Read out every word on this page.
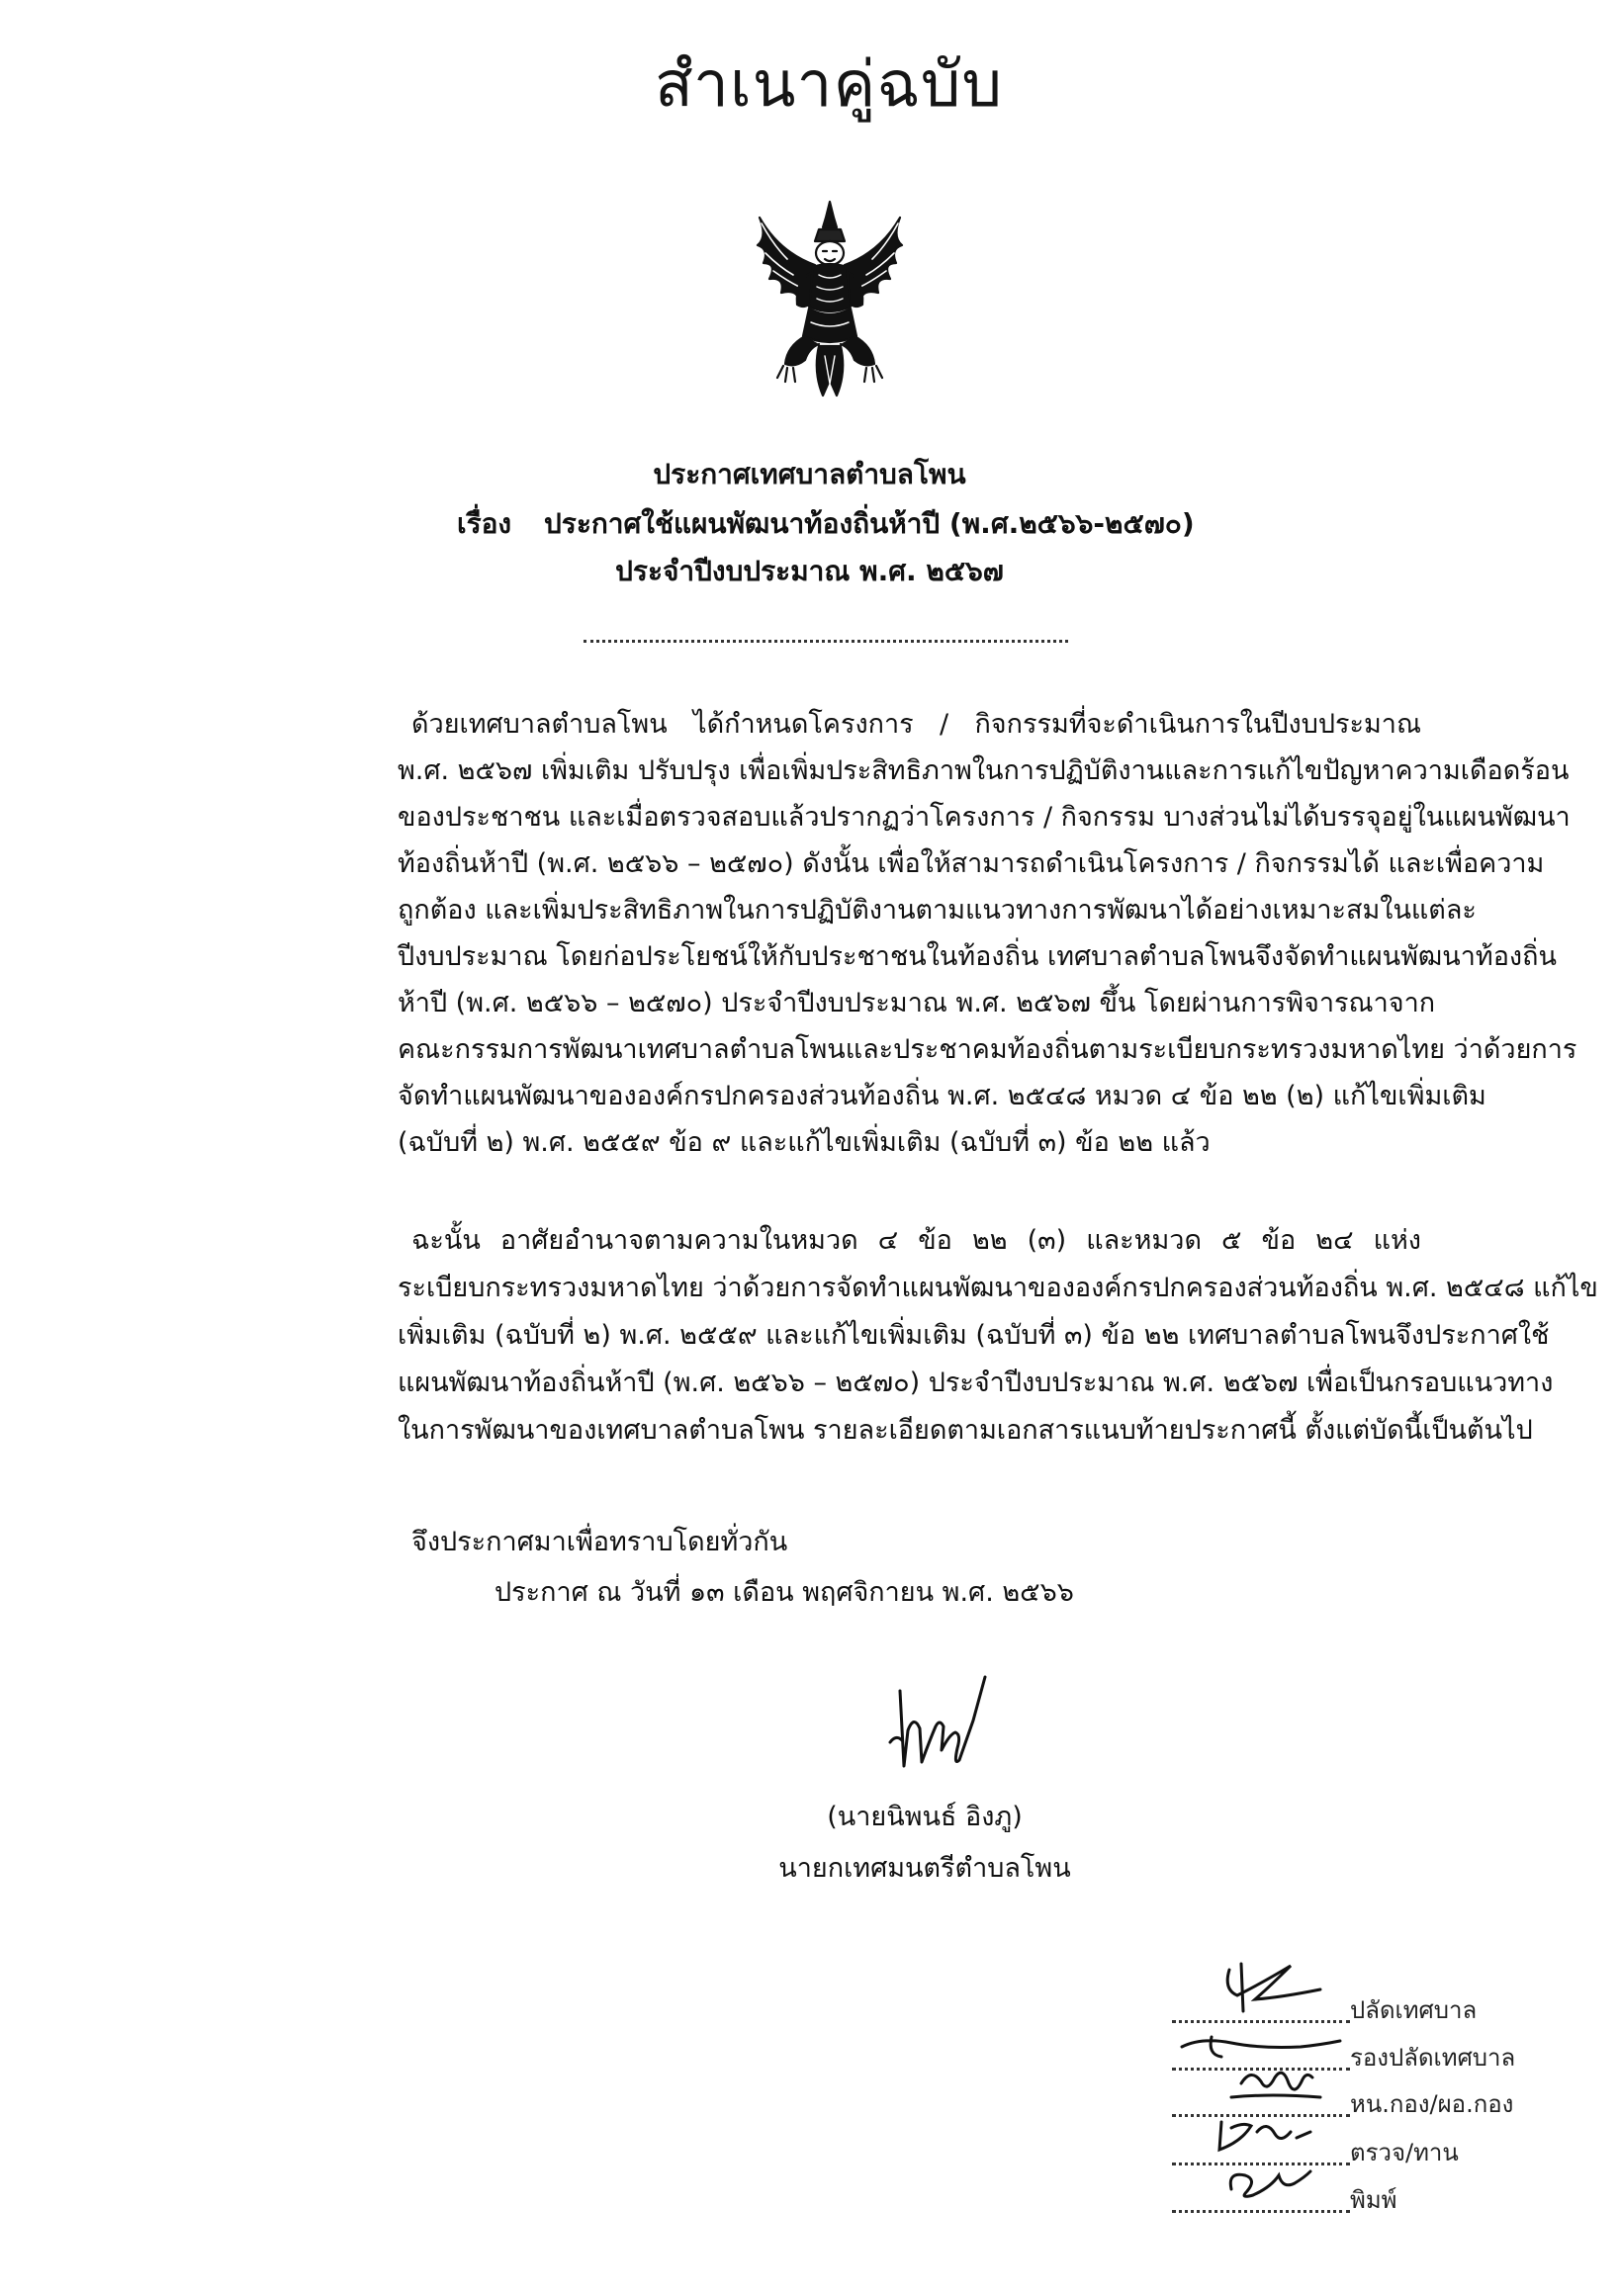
สำเนาคู่ฉบับ
ประกาศเทศบาลตำบลโพน
เรื่อง ประกาศใช้แผนพัฒนาท้องถิ่นห้าปี (พ.ศ.๒๕๖๖-๒๕๗๐)
ประจำปีงบประมาณ พ.ศ. ๒๕๖๗
ด้วยเทศบาลตำบลโพน ได้กำหนดโครงการ / กิจกรรมที่จะดำเนินการในปีงบประมาณ
พ.ศ. ๒๕๖๗ เพิ่มเติม ปรับปรุง เพื่อเพิ่มประสิทธิภาพในการปฏิบัติงานและการแก้ไขปัญหาความเดือดร้อน
ของประชาชน และเมื่อตรวจสอบแล้วปรากฏว่าโครงการ / กิจกรรม บางส่วนไม่ได้บรรจุอยู่ในแผนพัฒนา
ท้องถิ่นห้าปี (พ.ศ. ๒๕๖๖ – ๒๕๗๐) ดังนั้น เพื่อให้สามารถดำเนินโครงการ / กิจกรรมได้ และเพื่อความ
ถูกต้อง และเพิ่มประสิทธิภาพในการปฏิบัติงานตามแนวทางการพัฒนาได้อย่างเหมาะสมในแต่ละ
ปีงบประมาณ โดยก่อประโยชน์ให้กับประชาชนในท้องถิ่น เทศบาลตำบลโพนจึงจัดทำแผนพัฒนาท้องถิ่น
ห้าปี (พ.ศ. ๒๕๖๖ – ๒๕๗๐) ประจำปีงบประมาณ พ.ศ. ๒๕๖๗ ขึ้น โดยผ่านการพิจารณาจาก
คณะกรรมการพัฒนาเทศบาลตำบลโพนและประชาคมท้องถิ่นตามระเบียบกระทรวงมหาดไทย ว่าด้วยการ
จัดทำแผนพัฒนาขององค์กรปกครองส่วนท้องถิ่น พ.ศ. ๒๕๔๘ หมวด ๔ ข้อ ๒๒ (๒) แก้ไขเพิ่มเติม
(ฉบับที่ ๒) พ.ศ. ๒๕๕๙ ข้อ ๙ และแก้ไขเพิ่มเติม (ฉบับที่ ๓) ข้อ ๒๒ แล้ว
ฉะนั้น อาศัยอำนาจตามความในหมวด ๔ ข้อ ๒๒ (๓) และหมวด ๕ ข้อ ๒๔ แห่ง
ระเบียบกระทรวงมหาดไทย ว่าด้วยการจัดทำแผนพัฒนาขององค์กรปกครองส่วนท้องถิ่น พ.ศ. ๒๕๔๘ แก้ไข
เพิ่มเติม (ฉบับที่ ๒) พ.ศ. ๒๕๕๙ และแก้ไขเพิ่มเติม (ฉบับที่ ๓) ข้อ ๒๒ เทศบาลตำบลโพนจึงประกาศใช้
แผนพัฒนาท้องถิ่นห้าปี (พ.ศ. ๒๕๖๖ – ๒๕๗๐) ประจำปีงบประมาณ พ.ศ. ๒๕๖๗ เพื่อเป็นกรอบแนวทาง
ในการพัฒนาของเทศบาลตำบลโพน รายละเอียดตามเอกสารแนบท้ายประกาศนี้ ตั้งแต่บัดนี้เป็นต้นไป
จึงประกาศมาเพื่อทราบโดยทั่วกัน
ประกาศ ณ วันที่ ๑๓ เดือน พฤศจิกายน พ.ศ. ๒๕๖๖
(นายนิพนธ์ อิงภู)
นายกเทศมนตรีตำบลโพน
ปลัดเทศบาล
รองปลัดเทศบาล
หน.กอง/ผอ.กอง
ตรวจ/ทาน
พิมพ์
